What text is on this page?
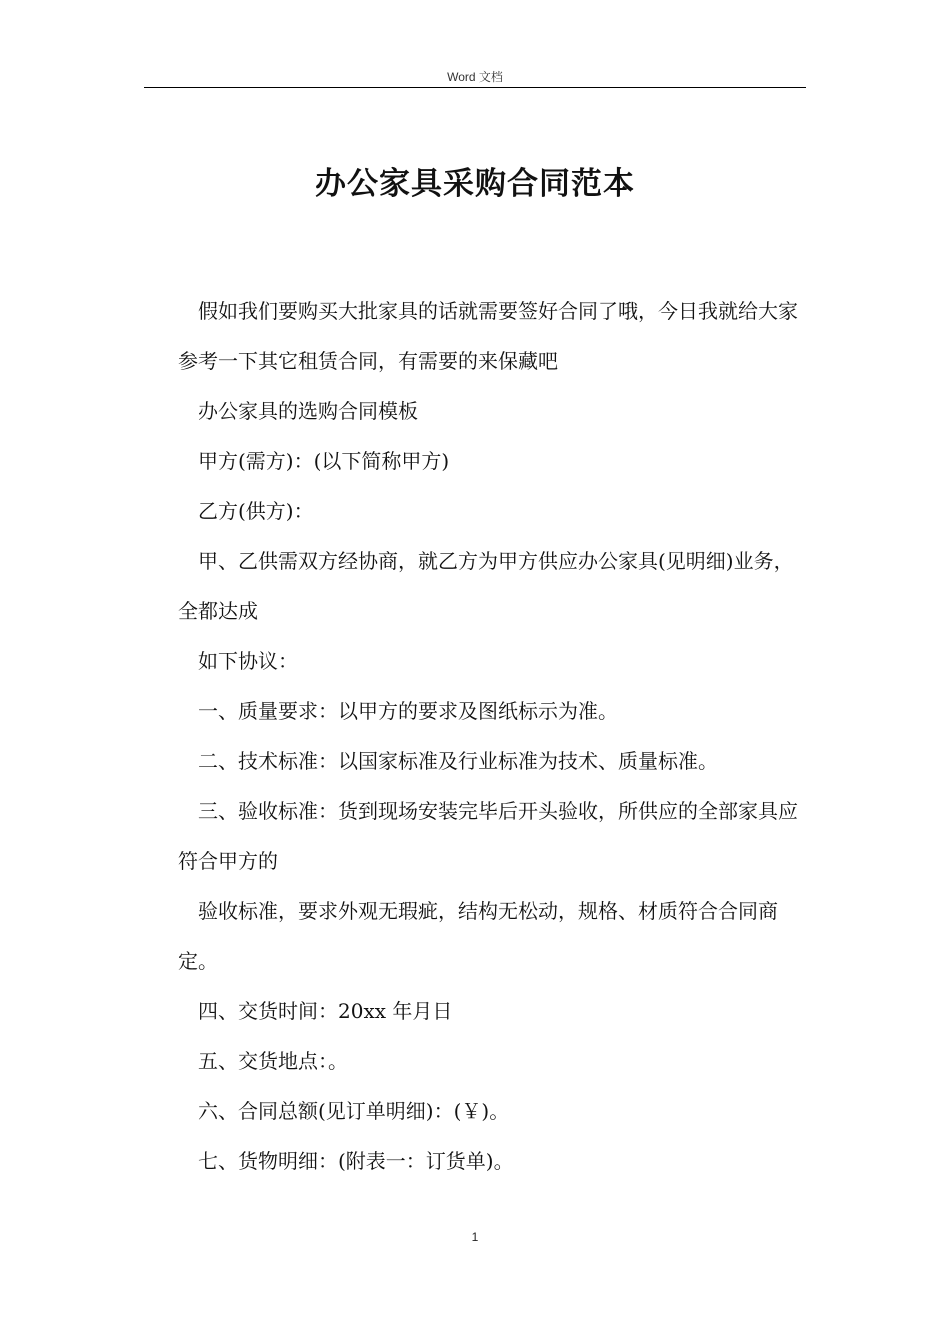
Word 文档
办公家具采购合同范本

假如我们要购买大批家具的话就需要签好合同了哦，今日我就给大家参考一下其它租赁合同，有需要的来保藏吧

办公家具的选购合同模板

甲方(需方)：(以下简称甲方)

乙方(供方)：

甲、乙供需双方经协商，就乙方为甲方供应办公家具(见明细)业务，全都达成

如下协议：

一、质量要求：以甲方的要求及图纸标示为准。

二、技术标准：以国家标准及行业标准为技术、质量标准。

三、验收标准：货到现场安装完毕后开头验收，所供应的全部家具应符合甲方的

验收标准，要求外观无瑕疵，结构无松动，规格、材质符合合同商定。

四、交货时间：20xx 年月日

五、交货地点：。

六、合同总额(见订单明细)：(￥)。

七、货物明细：(附表一：订货单)。

1
